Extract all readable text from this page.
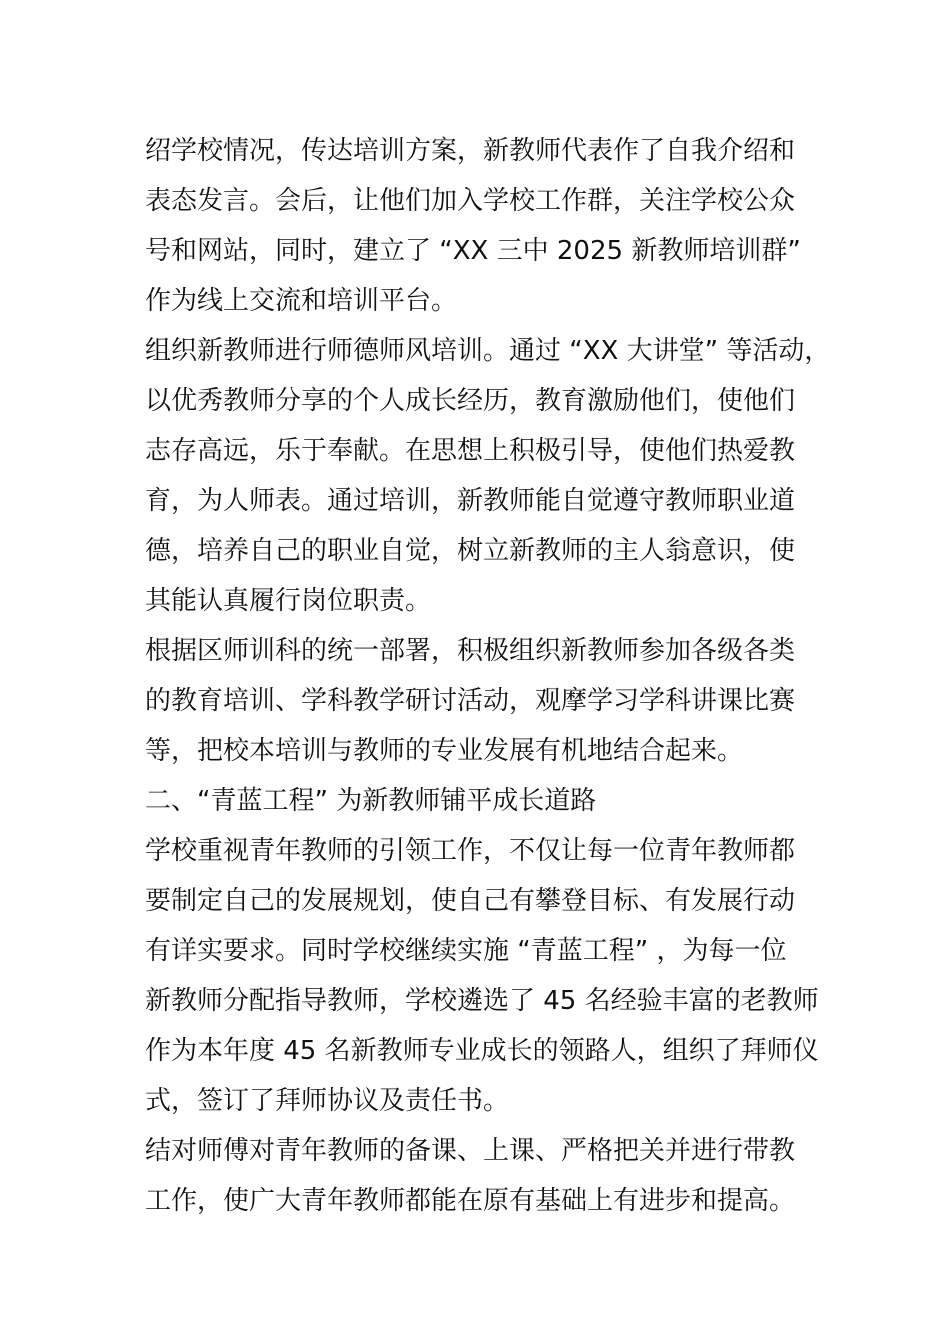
绍学校情况，传达培训方案，新教师代表作了自我介绍和
表态发言。会后，让他们加入学校工作群，关注学校公众
号和网站，同时，建立了 “XX 三中 2025 新教师培训群”
作为线上交流和培训平台。
组织新教师进行师德师风培训。通过 “XX 大讲堂” 等活动，
以优秀教师分享的个人成长经历，教育激励他们，使他们
志存高远，乐于奉献。在思想上积极引导，使他们热爱教
育，为人师表。通过培训，新教师能自觉遵守教师职业道
德，培养自己的职业自觉，树立新教师的主人翁意识，使
其能认真履行岗位职责。
根据区师训科的统一部署，积极组织新教师参加各级各类
的教育培训、学科教学研讨活动，观摩学习学科讲课比赛
等，把校本培训与教师的专业发展有机地结合起来。
二、“青蓝工程” 为新教师铺平成长道路
学校重视青年教师的引领工作，不仅让每一位青年教师都
要制定自己的发展规划，使自己有攀登目标、有发展行动
有详实要求。同时学校继续实施 “青蓝工程” ，为每一位
新教师分配指导教师，学校遴选了 45 名经验丰富的老教师
作为本年度 45 名新教师专业成长的领路人，组织了拜师仪
式，签订了拜师协议及责任书。
结对师傅对青年教师的备课、上课、严格把关并进行带教
工作，使广大青年教师都能在原有基础上有进步和提高。
